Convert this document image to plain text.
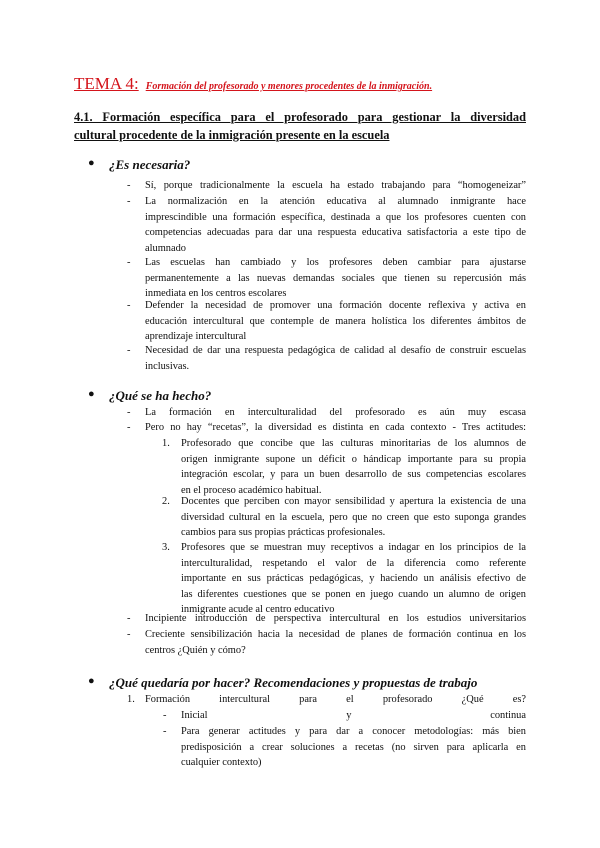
TEMA 4: Formación del profesorado y menores procedentes de la inmigración.
4.1. Formación específica para el profesorado para gestionar la diversidad
cultural procedente de la inmigración presente en la escuela
● ¿Es necesaria?
- Sí, porque tradicionalmente la escuela ha estado trabajando para “homogeneizar”
- La normalización en la atención educativa al alumnado inmigrante hace
imprescindible una formación específica, destinada a que los profesores cuenten con
competencias adecuadas para dar una respuesta educativa satisfactoria a este tipo de
alumnado
- Las escuelas han cambiado y los profesores deben cambiar para ajustarse
permanentemente a las nuevas demandas sociales que tienen su repercusión más
inmediata en los centros escolares
- Defender la necesidad de promover una formación docente reflexiva y activa en
educación intercultural que contemple de manera holística los diferentes ámbitos de
aprendizaje intercultural
- Necesidad de dar una respuesta pedagógica de calidad al desafío de construir escuelas
inclusivas.
● ¿Qué se ha hecho?
- La formación en interculturalidad del profesorado es aún muy escasa
- Pero no hay “recetas”, la diversidad es distinta en cada contexto - Tres actitudes:
1. Profesorado que concibe que las culturas minoritarias de los alumnos de
origen inmigrante supone un déficit o hándicap importante para su propia
integración escolar, y para un buen desarrollo de sus competencias escolares
en el proceso académico habitual.
2. Docentes que perciben con mayor sensibilidad y apertura la existencia de una
diversidad cultural en la escuela, pero que no creen que esto suponga grandes
cambios para sus propias prácticas profesionales.
3. Profesores que se muestran muy receptivos a indagar en los principios de la
interculturalidad, respetando el valor de la diferencia como referente
importante en sus prácticas pedagógicas, y haciendo un análisis efectivo de
las diferentes cuestiones que se ponen en juego cuando un alumno de origen
inmigrante acude al centro educativo
- Incipiente introducción de perspectiva intercultural en los estudios universitarios
- Creciente sensibilización hacia la necesidad de planes de formación continua en los
centros ¿Quién y cómo?
● ¿Qué quedaría por hacer? Recomendaciones y propuestas de trabajo
1. Formación intercultural para el profesorado ¿Qué es?
- Inicial y continua
- Para generar actitudes y para dar a conocer metodologías: más bien
predisposición a crear soluciones a recetas (no sirven para aplicarla en
cualquier contexto)
